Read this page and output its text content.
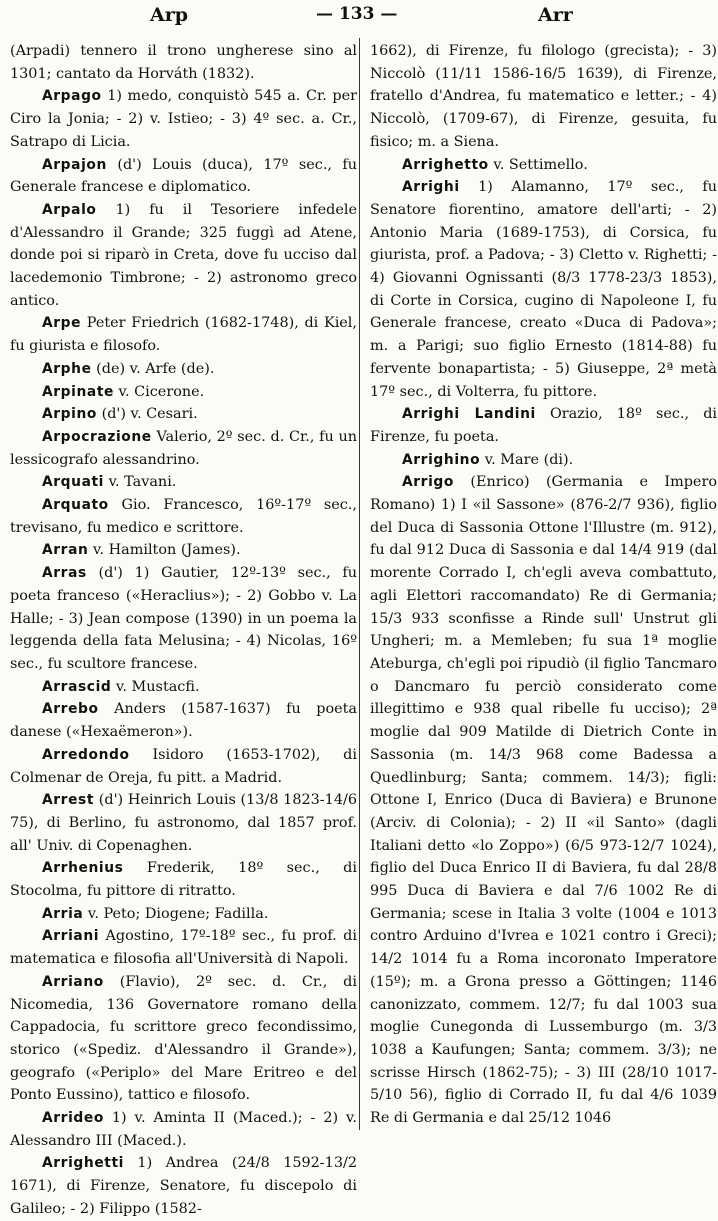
Arp	— 133 —	Arr

(Arpadi) tennero il trono ungherese sino al 1301; cantato da Horváth (1832).

Arpago 1) medo, conquistò 545 a. Cr. per Ciro la Jonia; - 2) v. Istieo; - 3) 4º sec. a. Cr., Satrapo di Licia.

Arpajon (d') Louis (duca), 17º sec., fu Generale francese e diplomatico.

Arpalo 1) fu il Tesoriere infedele d'Alessandro il Grande; 325 fuggì ad Atene, donde poi si riparò in Creta, dove fu ucciso dal lacedemonio Timbrone; - 2) astronomo greco antico.

Arpe Peter Friedrich (1682-1748), di Kiel, fu giurista e filosofo.

Arphe (de) v. Arfe (de).

Arpinate v. Cicerone.

Arpino (d') v. Cesari.

Arpocrazione Valerio, 2º sec. d. Cr., fu un lessicografo alessandrino.

Arquati v. Tavani.

Arquato Gio. Francesco, 16º-17º sec., trevisano, fu medico e scrittore.

Arran v. Hamilton (James).

Arras (d') 1) Gautier, 12º-13º sec., fu poeta franceso («Heraclius»); - 2) Gobbo v. La Halle; - 3) Jean compose (1390) in un poema la leggenda della fata Melusina; - 4) Nicolas, 16º sec., fu scultore francese.

Arrascid v. Mustacfi.

Arrebo Anders (1587-1637) fu poeta danese («Hexaëmeron»).

Arredondo Isidoro (1653-1702), di Colmenar de Oreja, fu pitt. a Madrid.

Arrest (d') Heinrich Louis (13/8 1823-14/6 75), di Berlino, fu astronomo, dal 1857 prof. all' Univ. di Copenaghen.

Arrhenius Frederik, 18º sec., di Stocolma, fu pittore di ritratto.

Arria v. Peto; Diogene; Fadilla.

Arriani Agostino, 17º-18º sec., fu prof. di matematica e filosofia all'Università di Napoli.

Arriano (Flavio), 2º sec. d. Cr., di Nicomedia, 136 Governatore romano della Cappadocia, fu scrittore greco fecondissimo, storico («Spediz. d'Alessandro il Grande»), geografo («Periplo» del Mare Eritreo e del Ponto Eussino), tattico e filosofo.

Arrideo 1) v. Aminta II (Maced.); - 2) v. Alessandro III (Maced.).

Arrighetti 1) Andrea (24/8 1592-13/2 1671), di Firenze, Senatore, fu discepolo di Galileo; - 2) Filippo (1582-

1662), di Firenze, fu filologo (grecista); - 3) Niccolò (11/11 1586-16/5 1639), di Firenze, fratello d'Andrea, fu matematico e letter.; - 4) Niccolò, (1709-67), di Firenze, gesuita, fu fisico; m. a Siena.

Arrighetto v. Settimello.

Arrighi 1) Alamanno, 17º sec., fu Senatore fiorentino, amatore dell'arti; - 2) Antonio Maria (1689-1753), di Corsica, fu giurista, prof. a Padova; - 3) Cletto v. Righetti; - 4) Giovanni Ognissanti (8/3 1778-23/3 1853), di Corte in Corsica, cugino di Napoleone I, fu Generale francese, creato «Duca di Padova»; m. a Parigi; suo figlio Ernesto (1814-88) fu fervente bonapartista; - 5) Giuseppe, 2ª metà 17º sec., di Volterra, fu pittore.

Arrighi Landini Orazio, 18º sec., di Firenze, fu poeta.

Arrighino v. Mare (di).

Arrigo (Enrico) (Germania e Impero Romano) 1) I «il Sassone» (876-2/7 936), figlio del Duca di Sassonia Ottone l'Illustre (m. 912), fu dal 912 Duca di Sassonia e dal 14/4 919 (dal morente Corrado I, ch'egli aveva combattuto, agli Elettori raccomandato) Re di Germania; 15/3 933 sconfisse a Rinde sull' Unstrut gli Ungheri; m. a Memleben; fu sua 1ª moglie Ateburga, ch'egli poi ripudiò (il figlio Tancmaro o Dancmaro fu perciò considerato come illegittimo e 938 qual ribelle fu ucciso); 2ª moglie dal 909 Matilde di Dietrich Conte in Sassonia (m. 14/3 968 come Badessa a Quedlinburg; Santa; commem. 14/3); figli: Ottone I, Enrico (Duca di Baviera) e Brunone (Arciv. di Colonia); - 2) II «il Santo» (dagli Italiani detto «lo Zoppo») (6/5 973-12/7 1024), figlio del Duca Enrico II di Baviera, fu dal 28/8 995 Duca di Baviera e dal 7/6 1002 Re di Germania; scese in Italia 3 volte (1004 e 1013 contro Arduino d'Ivrea e 1021 contro i Greci); 14/2 1014 fu a Roma incoronato Imperatore (15º); m. a Grona presso a Göttingen; 1146 canonizzato, commem. 12/7; fu dal 1003 sua moglie Cunegonda di Lussemburgo (m. 3/3 1038 a Kaufungen; Santa; commem. 3/3); ne scrisse Hirsch (1862-75); - 3) III (28/10 1017-5/10 56), figlio di Corrado II, fu dal 4/6 1039 Re di Germania e dal 25/12 1046
